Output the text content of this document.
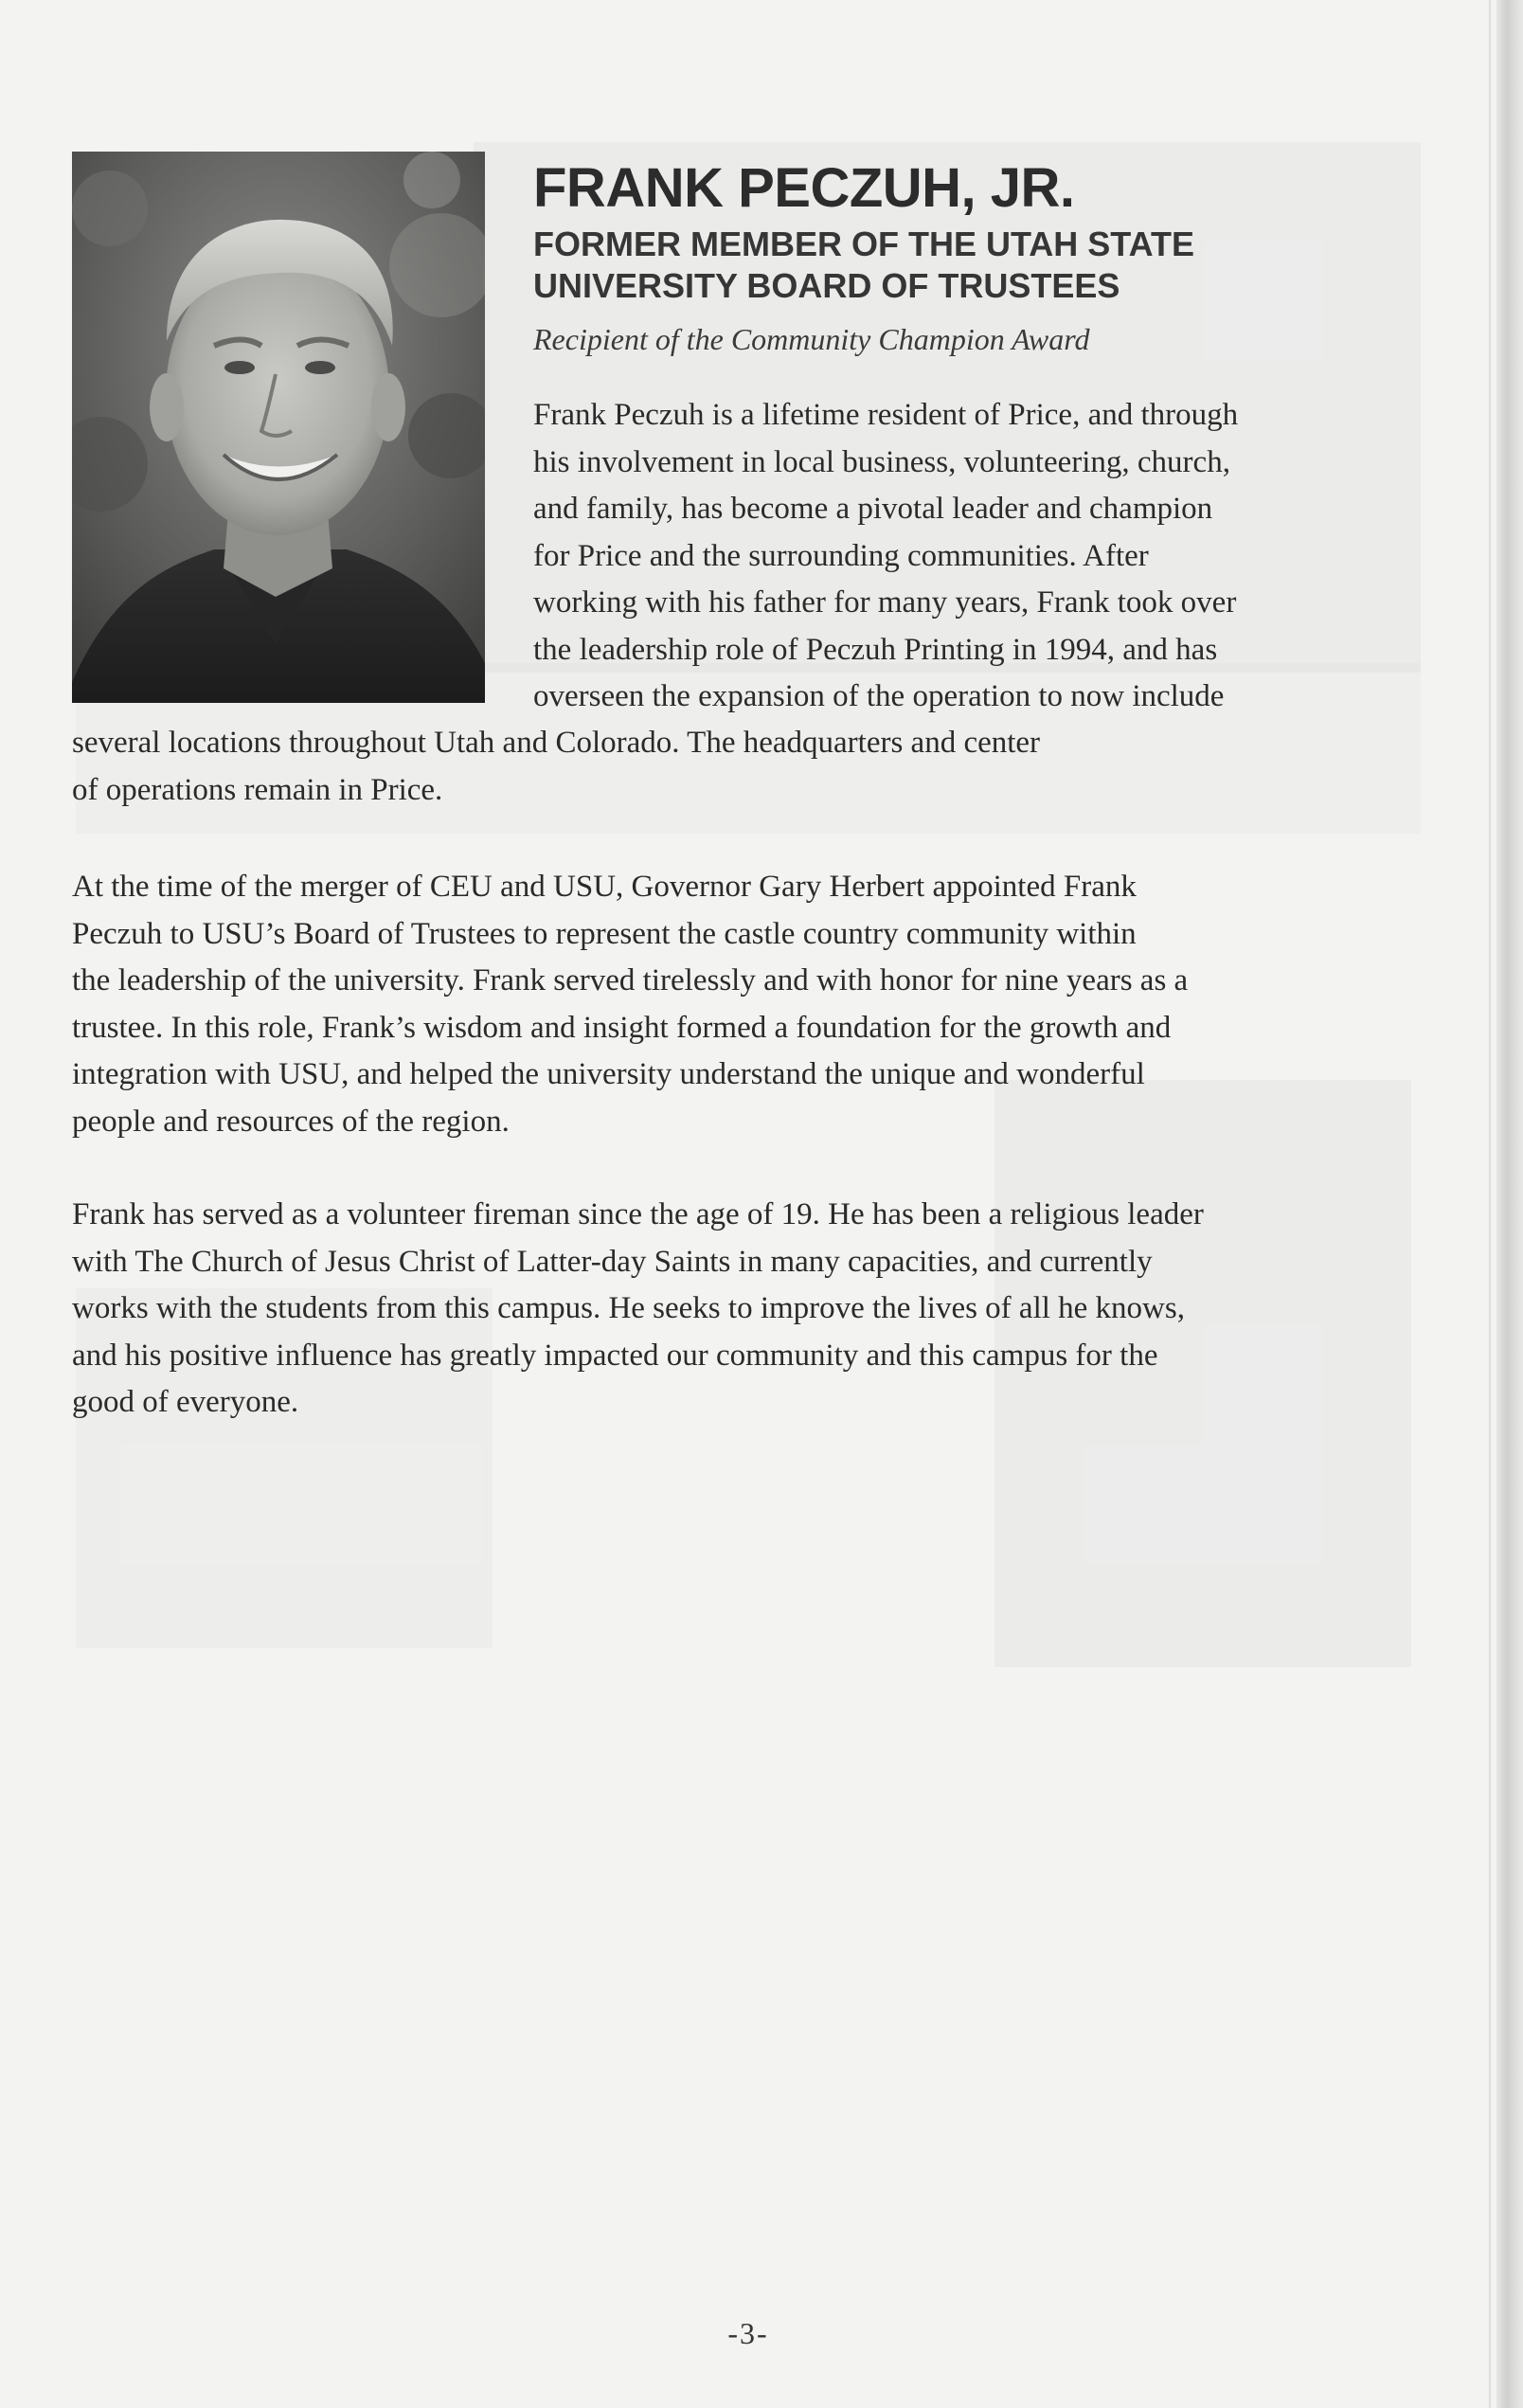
FRANK PECZUH, JR.
FORMER MEMBER OF THE UTAH STATE
UNIVERSITY BOARD OF TRUSTEES

Recipient of the Community Champion Award

Frank Peczuh is a lifetime resident of Price, and through
his involvement in local business, volunteering, church,
and family, has become a pivotal leader and champion
for Price and the surrounding communities. After
working with his father for many years, Frank took over
the leadership role of Peczuh Printing in 1994, and has
overseen the expansion of the operation to now include
several locations throughout Utah and Colorado. The headquarters and center
of operations remain in Price.
At the time of the merger of CEU and USU, Governor Gary Herbert appointed Frank
Peczuh to USU’s Board of Trustees to represent the castle country community within
the leadership of the university. Frank served tirelessly and with honor for nine years as a
trustee. In this role, Frank’s wisdom and insight formed a foundation for the growth and
integration with USU, and helped the university understand the unique and wonderful
people and resources of the region.
Frank has served as a volunteer fireman since the age of 19. He has been a religious leader
with The Church of Jesus Christ of Latter-day Saints in many capacities, and currently
works with the students from this campus. He seeks to improve the lives of all he knows,
and his positive influence has greatly impacted our community and this campus for the
good of everyone.
-3-
